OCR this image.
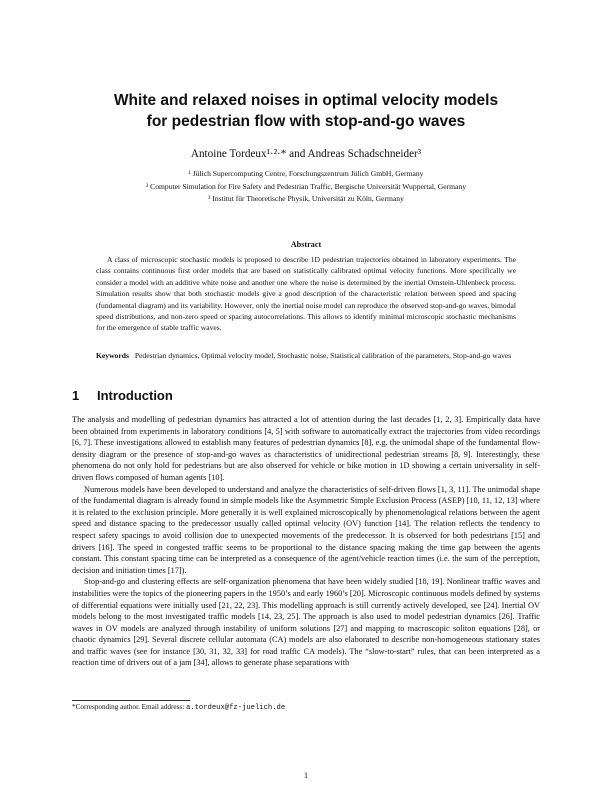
White and relaxed noises in optimal velocity models
for pedestrian flow with stop-and-go waves
Antoine Tordeux¹·²·* and Andreas Schadschneider³
¹ Jülich Supercomputing Centre, Forschungszentrum Jülich GmbH, Germany
² Computer Simulation for Fire Safety and Pedestrian Traffic, Bergische Universität Wuppertal, Germany
³ Institut für Theoretische Physik, Universität zu Köln, Germany
Abstract
A class of microscopic stochastic models is proposed to describe 1D pedestrian trajectories obtained in laboratory experiments. The class contains continuous first order models that are based on statistically calibrated optimal velocity functions. More specifically we consider a model with an additive white noise and another one where the noise is determined by the inertial Ornstein-Uhlenbeck process. Simulation results show that both stochastic models give a good description of the characteristic relation between speed and spacing (fundamental diagram) and its variability. However, only the inertial noise model can reproduce the observed stop-and-go waves, bimodal speed distributions, and non-zero speed or spacing autocorrelations. This allows to identify minimal microscopic stochastic mechanisms for the emergence of stable traffic waves.
Keywords Pedestrian dynamics, Optimal velocity model, Stochastic noise, Statistical calibration of the parameters, Stop-and-go waves
1 Introduction

The analysis and modelling of pedestrian dynamics has attracted a lot of attention during the last decades [1, 2, 3]. Empirically data have been obtained from experiments in laboratory conditions [4, 5] with software to automatically extract the trajectories from video recordings [6, 7]. These investigations allowed to establish many features of pedestrian dynamics [8], e.g. the unimodal shape of the fundamental flow-density diagram or the presence of stop-and-go waves as characteristics of unidirectional pedestrian streams [8, 9]. Interestingly, these phenomena do not only hold for pedestrians but are also observed for vehicle or bike motion in 1D showing a certain universality in self-driven flows composed of human agents [10].

Numerous models have been developed to understand and analyze the characteristics of self-driven flows [1, 3, 11]. The unimodal shape of the fundamental diagram is already found in simple models like the Asymmetric Simple Exclusion Process (ASEP) [10, 11, 12, 13] where it is related to the exclusion principle. More generally it is well explained microscopically by phenomenological relations between the agent speed and distance spacing to the predecessor usually called optimal velocity (OV) function [14]. The relation reflects the tendency to respect safety spacings to avoid collision due to unexpected movements of the predecessor. It is observed for both pedestrians [15] and drivers [16]. The speed in congested traffic seems to be proportional to the distance spacing making the time gap between the agents constant. This constant spacing time can be interpreted as a consequence of the agent/vehicle reaction times (i.e. the sum of the perception, decision and initiation times [17]).

Stop-and-go and clustering effects are self-organization phenomena that have been widely studied [18, 19]. Nonlinear traffic waves and instabilities were the topics of the pioneering papers in the 1950’s and early 1960’s [20]. Microscopic continuous models defined by systems of differential equations were initially used [21, 22, 23]. This modelling approach is still currently actively developed, see [24]. Inertial OV models belong to the most investigated traffic models [14, 23, 25]. The approach is also used to model pedestrian dynamics [26]. Traffic waves in OV models are analyzed through instability of uniform solutions [27] and mapping to macroscopic soliton equations [28], or chaotic dynamics [29]. Several discrete cellular automata (CA) models are also elaborated to describe non-homogeneous stationary states and traffic waves (see for instance [30, 31, 32, 33] for road traffic CA models). The “slow-to-start” rules, that can been interpreted as a reaction time of drivers out of a jam [34], allows to generate phase separations with

*Corresponding author. Email address: a.tordeux@fz-juelich.de
1
